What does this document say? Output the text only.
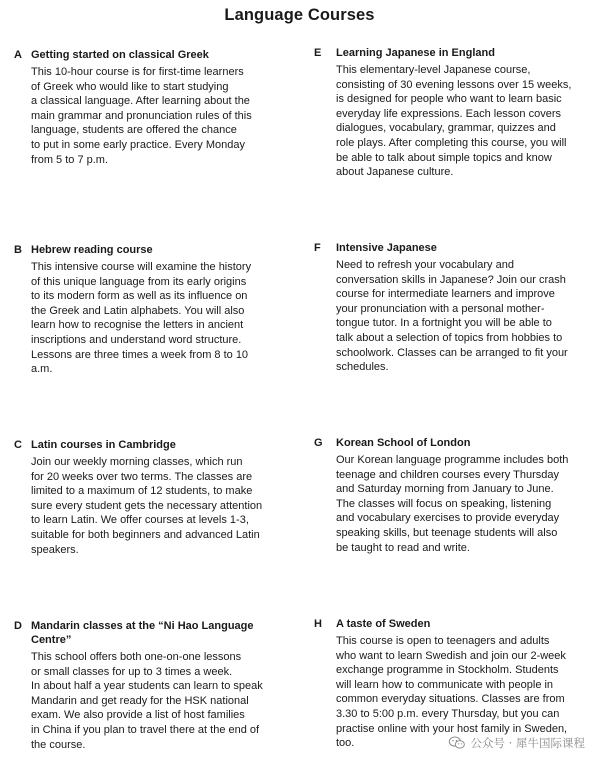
Language Courses
A Getting started on classical Greek
This 10-hour course is for first-time learners
of Greek who would like to start studying
a classical language. After learning about the
main grammar and pronunciation rules of this
language, students are offered the chance
to put in some early practice. Every Monday
from 5 to 7 p.m.
B Hebrew reading course
This intensive course will examine the history
of this unique language from its early origins
to its modern form as well as its influence on
the Greek and Latin alphabets. You will also
learn how to recognise the letters in ancient
inscriptions and understand word structure.
Lessons are three times a week from 8 to 10
a.m.
C Latin courses in Cambridge
Join our weekly morning classes, which run
for 20 weeks over two terms. The classes are
limited to a maximum of 12 students, to make
sure every student gets the necessary attention
to learn Latin. We offer courses at levels 1-3,
suitable for both beginners and advanced Latin
speakers.
D Mandarin classes at the “Ni Hao Language
Centre”
This school offers both one-on-one lessons
or small classes for up to 3 times a week.
In about half a year students can learn to speak
Mandarin and get ready for the HSK national
exam. We also provide a list of host families
in China if you plan to travel there at the end of
the course.
E	Learning Japanese in England
This elementary-level Japanese course,
consisting of 30 evening lessons over 15 weeks,
is designed for people who want to learn basic
everyday life expressions. Each lesson covers
dialogues, vocabulary, grammar, quizzes and
role plays. After completing this course, you will
be able to talk about simple topics and know
about Japanese culture.
F	Intensive Japanese
Need to refresh your vocabulary and
conversation skills in Japanese? Join our crash
course for intermediate learners and improve
your pronunciation with a personal mother-
tongue tutor. In a fortnight you will be able to
talk about a selection of topics from hobbies to
schoolwork. Classes can be arranged to fit your
schedules.
G	Korean School of London
Our Korean language programme includes both
teenage and children courses every Thursday
and Saturday morning from January to June.
The classes will focus on speaking, listening
and vocabulary exercises to provide everyday
speaking skills, but teenage students will also
be taught to read and write.
H	A taste of Sweden
This course is open to teenagers and adults
who want to learn Swedish and join our 2-week
exchange programme in Stockholm. Students
will learn how to communicate with people in
common everyday situations. Classes are from
3.30 to 5:00 p.m. every Thursday, but you can
practise online with your host family in Sweden,
too.	公众号 · 犀牛国际课程
